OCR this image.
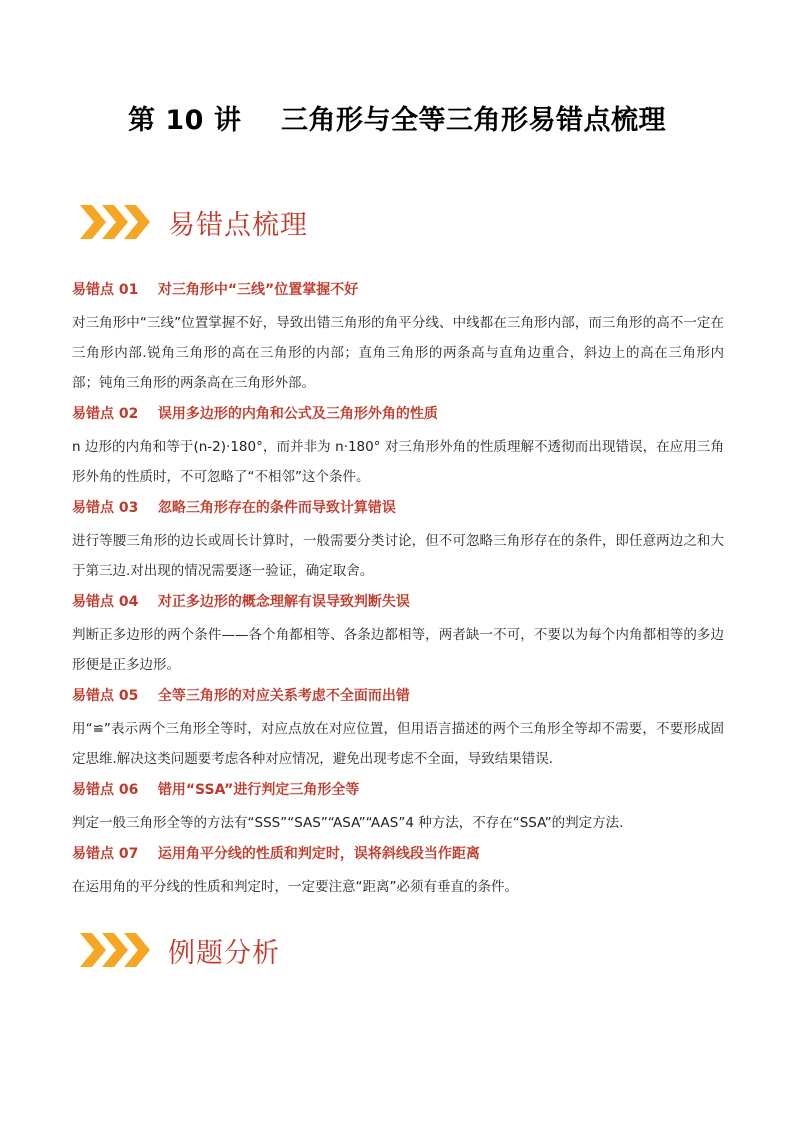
第 10 讲    三角形与全等三角形易错点梳理
易错点梳理
易错点 01    对三角形中“三线”位置掌握不好
对三角形中“三线”位置掌握不好，导致出错三角形的角平分线、中线都在三角形内部，而三角形的高不一定在三角形内部.锐角三角形的高在三角形的内部；直角三角形的两条高与直角边重合，斜边上的高在三角形内部；钝角三角形的两条高在三角形外部。
易错点 02    误用多边形的内角和公式及三角形外角的性质
n 边形的内角和等于(n-2)·180°，而并非为 n·180° 对三角形外角的性质理解不透彻而出现错误，在应用三角形外角的性质时，不可忽略了“不相邻”这个条件。
易错点 03    忽略三角形存在的条件而导致计算错误
进行等腰三角形的边长或周长计算时，一般需要分类讨论，但不可忽略三角形存在的条件，即任意两边之和大于第三边.对出现的情况需要逐一验证，确定取舍。
易错点 04    对正多边形的概念理解有误导致判断失误
判断正多边形的两个条件——各个角都相等、各条边都相等，两者缺一不可，不要以为每个内角都相等的多边形便是正多边形。
易错点 05    全等三角形的对应关系考虑不全面而出错
用“≌”表示两个三角形全等时，对应点放在对应位置，但用语言描述的两个三角形全等却不需要，不要形成固定思维.解决这类问题要考虑各种对应情况，避免出现考虑不全面，导致结果错误.
易错点 06    错用“SSA”进行判定三角形全等
判定一般三角形全等的方法有“SSS”“SAS”“ASA”“AAS”4 种方法，不存在“SSA”的判定方法.
易错点 07    运用角平分线的性质和判定时，误将斜线段当作距离
在运用角的平分线的性质和判定时，一定要注意“距离”必须有垂直的条件。
例题分析
